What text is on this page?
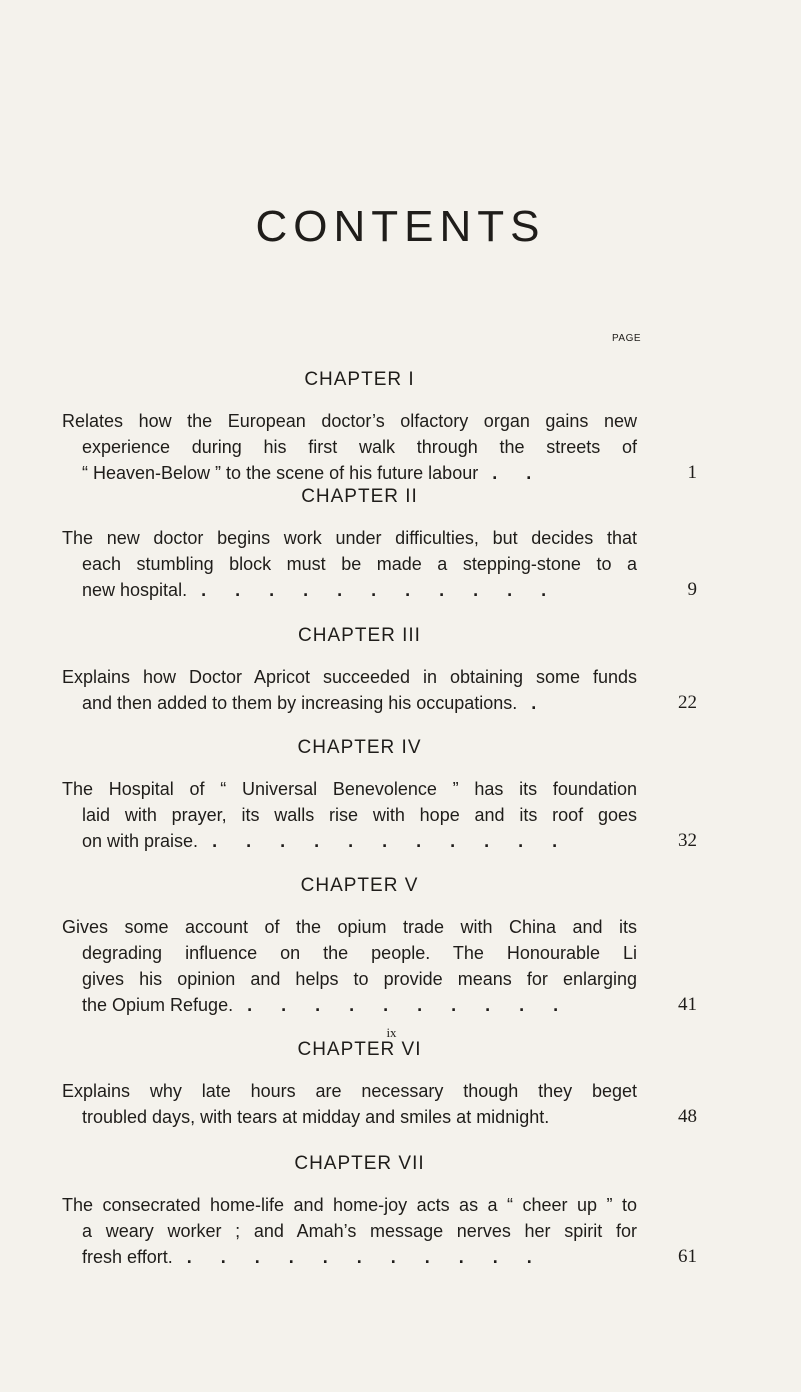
CONTENTS
PAGE
CHAPTER I
Relates how the European doctor’s olfactory organ gains new
experience during his first walk through the streets of
“ Heaven-Below ” to the scene of his future labour . .	1
CHAPTER II
The new doctor begins work under difficulties, but decides that
each stumbling block must be made a stepping-stone to a
new hospital. . . . . . . . . . . .	9
CHAPTER III
Explains how Doctor Apricot succeeded in obtaining some funds
and then added to them by increasing his occupations. .	22
CHAPTER IV
The Hospital of “ Universal Benevolence ” has its foundation
laid with prayer, its walls rise with hope and its roof goes
on with praise. . . . . . . . . . . .	32
CHAPTER V
Gives some account of the opium trade with China and its
degrading influence on the people. The Honourable Li
gives his opinion and helps to provide means for enlarging
the Opium Refuge. . . . . . . . . . .	41
CHAPTER VI
Explains why late hours are necessary though they beget
troubled days, with tears at midday and smiles at midnight.	48
CHAPTER VII
The consecrated home-life and home-joy acts as a “ cheer up ” to
a weary worker ; and Amah’s message nerves her spirit for
fresh effort. . . . . . . . . . . .	61
ix
